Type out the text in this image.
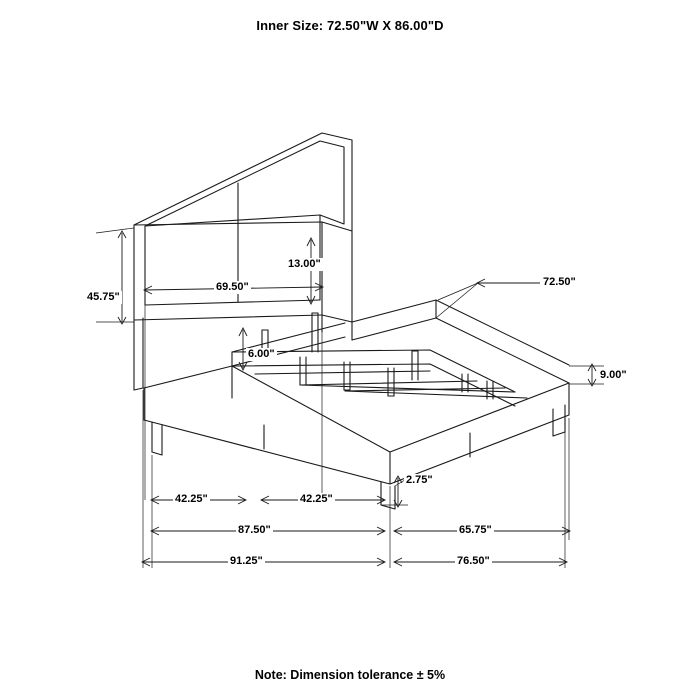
Inner Size: 72.50"W X 86.00"D
45.75"
69.50"
13.00"
6.00"
72.50"
9.00"
2.75"
42.25"	42.25"
87.50"	65.75"
91.25"	76.50"
Note: Dimension tolerance ± 5%
